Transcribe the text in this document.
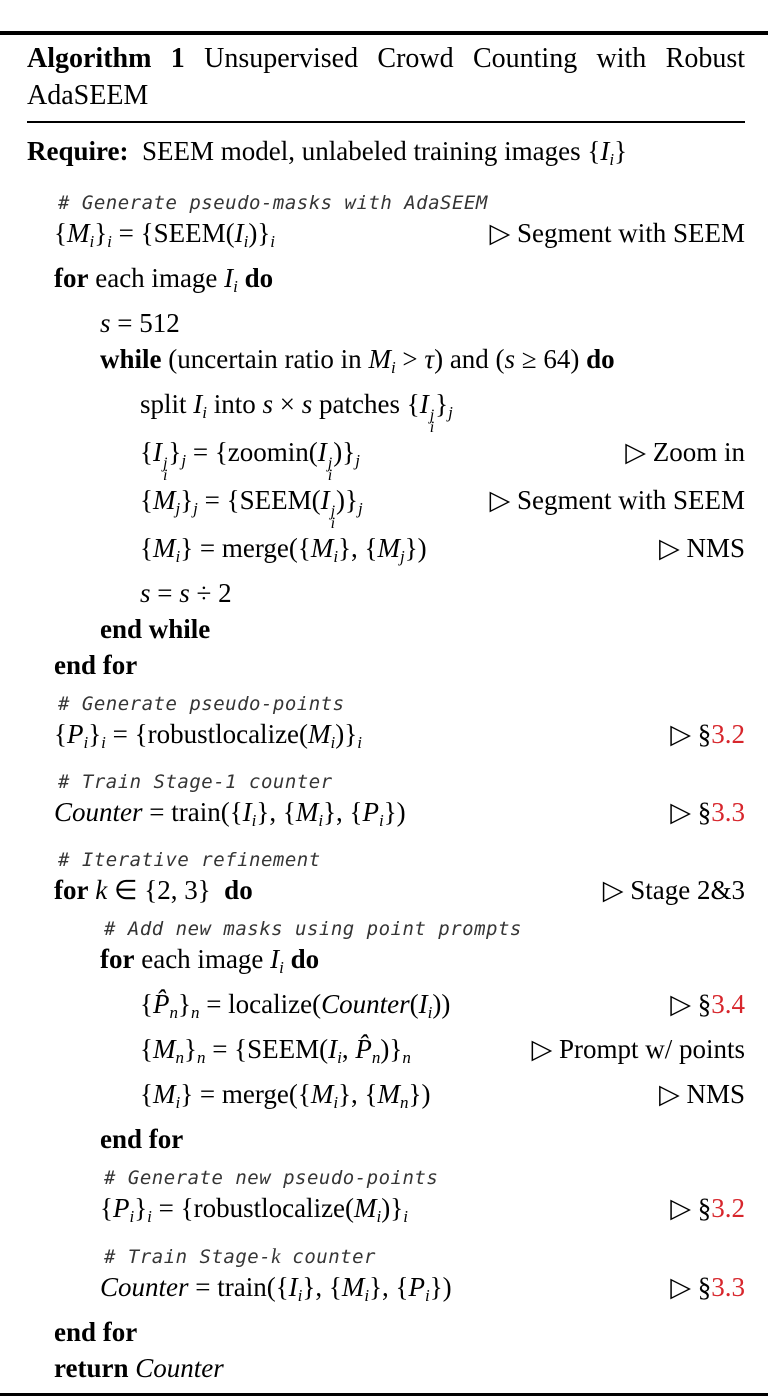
Algorithm 1 Unsupervised Crowd Counting with Robust AdaSEEM
Require:  SEEM model, unlabeled training images $\{I_i\}$
# Generate pseudo-masks with AdaSEEM
$\{M_i\}_i$ = $\{SEEM(I_i)\}_i$	▷ Segment with SEEM
for each image $I_i$ do
s = 512
while (uncertain ratio in $M_i > \tau$) and (s ≥ 64) do
split $I_i$ into s × s patches {I j
i
}$_j$
{I j
i
}$_j = \{zoomin(I$ j
i
)}$_j$	▷ Zoom in
$\{M_j\}_j$ = {SEEM(I j
i
)}$_j$	▷ Segment with SEEM
$\{M_i\}$ = $merge(\{M_i\}$, $\{M_j\}$)	▷ NMS
s = s ÷ 2
end while
end for
# Generate pseudo-points
$\{P_i\}_i$ = $\{robustlocalize(M_i)\}_i$	▷ §3.2
# Train Stage-1 counter
Counter = $train(\{I_i\}$, $\{M_i\}$, $\{P_i\}$)	▷ §3.3
# Iterative refinement
for k ∈ {2, 3}  do	▷ Stage 2&3
# Add new masks using point prompts
for each image $I_i$ do
$\{P̂_n\}_n$ = $localize(Counter(I_i))$	▷ §3.4
$\{M_n\}_n$ = {$SEEM(I_i$, $P̂_n)\}_n$	▷ Prompt w/ points
$\{M_i\}$ = $merge(\{M_i\}$, $\{M_n\}$)	▷ NMS
end for
# Generate new pseudo-points
$\{P_i\}_i$ = $\{robustlocalize(M_i)\}_i$	▷ §3.2
# Train Stage-k counter
Counter = $train(\{I_i\}$, $\{M_i\}$, $\{P_i\}$)	▷ §3.3
end for
return Counter
